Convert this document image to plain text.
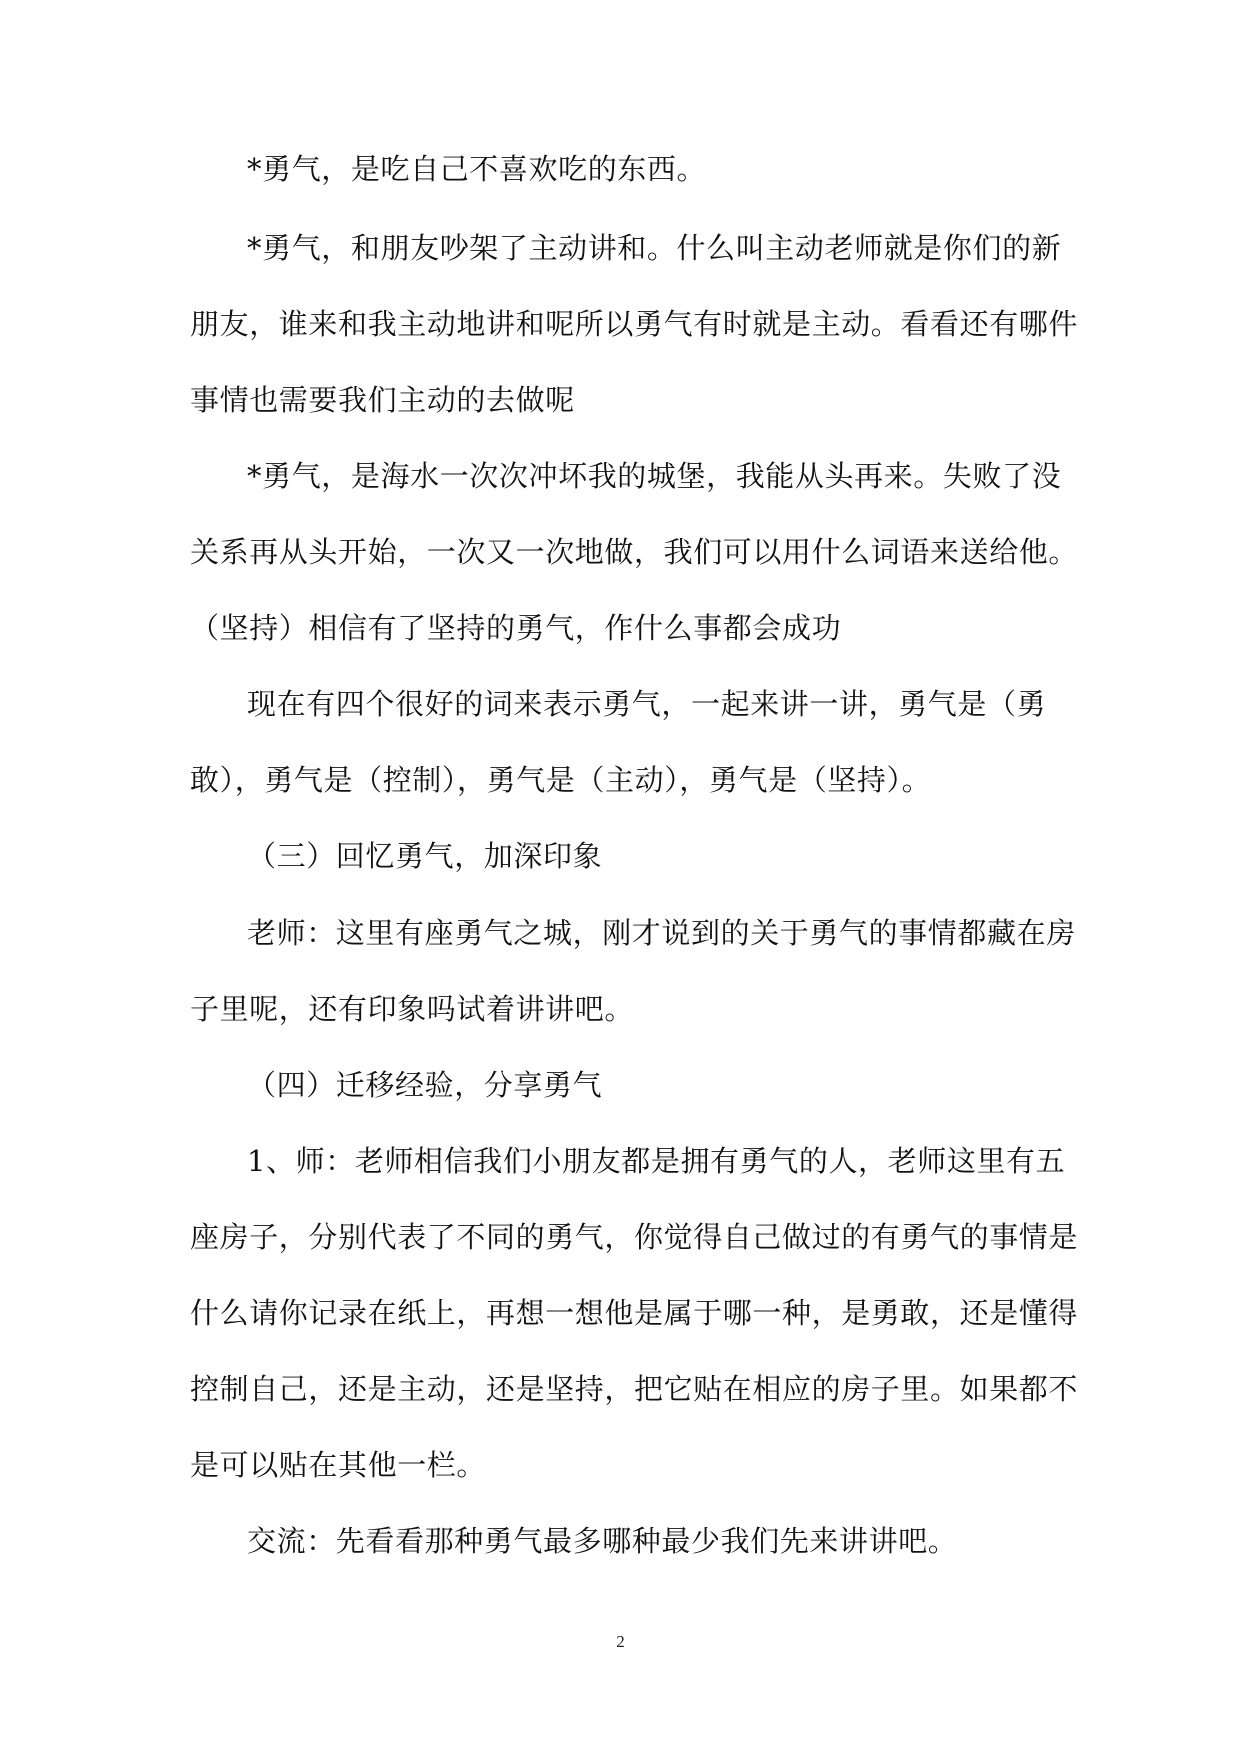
*勇气，是吃自己不喜欢吃的东西。
*勇气，和朋友吵架了主动讲和。什么叫主动老师就是你们的新
朋友，谁来和我主动地讲和呢所以勇气有时就是主动。看看还有哪件
事情也需要我们主动的去做呢
*勇气，是海水一次次冲坏我的城堡，我能从头再来。失败了没
关系再从头开始，一次又一次地做，我们可以用什么词语来送给他。
（坚持）相信有了坚持的勇气，作什么事都会成功
现在有四个很好的词来表示勇气，一起来讲一讲，勇气是（勇
敢），勇气是（控制），勇气是（主动），勇气是（坚持）。
（三）回忆勇气，加深印象
老师：这里有座勇气之城，刚才说到的关于勇气的事情都藏在房
子里呢，还有印象吗试着讲讲吧。
（四）迁移经验，分享勇气
1、师：老师相信我们小朋友都是拥有勇气的人，老师这里有五
座房子，分别代表了不同的勇气，你觉得自己做过的有勇气的事情是
什么请你记录在纸上，再想一想他是属于哪一种，是勇敢，还是懂得
控制自己，还是主动，还是坚持，把它贴在相应的房子里。如果都不
是可以贴在其他一栏。
交流：先看看那种勇气最多哪种最少我们先来讲讲吧。
2
